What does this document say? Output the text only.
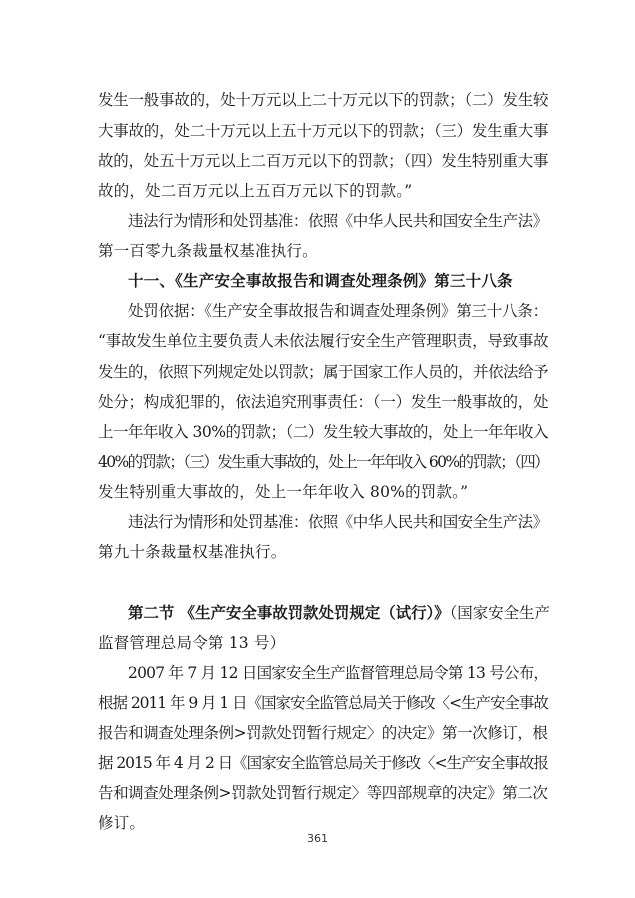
发生一般事故的，处十万元以上二十万元以下的罚款；（二）发生较
大事故的，处二十万元以上五十万元以下的罚款；（三）发生重大事
故的，处五十万元以上二百万元以下的罚款；（四）发生特别重大事
故的，处二百万元以上五百万元以下的罚款。”
违法行为情形和处罚基准：依照《中华人民共和国安全生产法》
第一百零九条裁量权基准执行。
十一、《生产安全事故报告和调查处理条例》第三十八条
处罚依据：《生产安全事故报告和调查处理条例》第三十八条：
“事故发生单位主要负责人未依法履行安全生产管理职责，导致事故
发生的，依照下列规定处以罚款；属于国家工作人员的，并依法给予
处分；构成犯罪的，依法追究刑事责任：（一）发生一般事故的，处
上一年年收入 30%的罚款；（二）发生较大事故的，处上一年年收入
40%的罚款；（三）发生重大事故的，处上一年年收入 60%的罚款；（四）
发生特别重大事故的，处上一年年收入 80%的罚款。”
违法行为情形和处罚基准：依照《中华人民共和国安全生产法》
第九十条裁量权基准执行。
第二节 《生产安全事故罚款处罚规定（试行）》（国家安全生产
监督管理总局令第 13 号）
2007 年 7 月 12 日国家安全生产监督管理总局令第 13 号公布，
根据 2011 年 9 月 1 日《国家安全监管总局关于修改〈<生产安全事故
报告和调查处理条例>罚款处罚暂行规定〉的决定》第一次修订，根
据 2015 年 4 月 2 日《国家安全监管总局关于修改〈<生产安全事故报
告和调查处理条例>罚款处罚暂行规定〉等四部规章的决定》第二次
修订。
361
